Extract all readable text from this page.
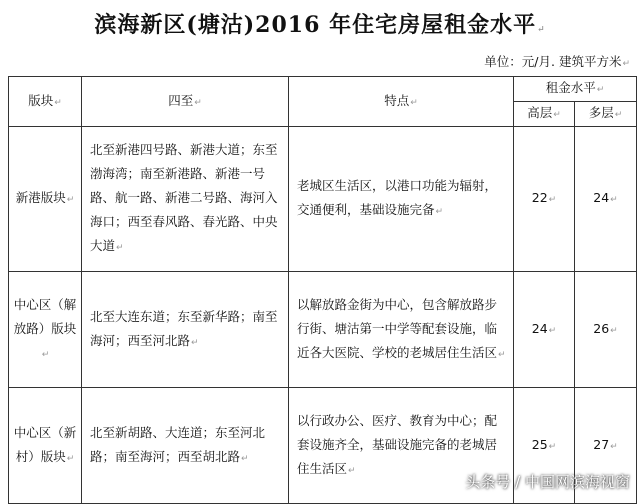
滨海新区(塘沽)2016 年住宅房屋租金水平↵
单位：元/月. 建筑平方米↵
版块↵	四至↵	特点↵	租金水平↵	
			高层↵	多层↵
新港版块↵	北至新港四号路、新港大道；东至渤海湾；南至新港路、新港一号路、航一路、新港二号路、海河入海口；西至春风路、春光路、中央大道↵	老城区生活区，以港口功能为辐射，交通便利，基础设施完备↵	22↵	24↵
中心区（解放路）版块↵	北至大连东道；东至新华路；南至海河；西至河北路↵	以解放路金街为中心，包含解放路步行街、塘沽第一中学等配套设施，临近各大医院、学校的老城居住生活区↵	24↵	26↵
中心区（新村）版块↵	北至新胡路、大连道；东至河北路；南至海河；西至胡北路↵	以行政办公、医疗、教育为中心；配套设施齐全，基础设施完备的老城居住生活区↵	25↵	27↵
头条号 / 中国网滨海视窗
